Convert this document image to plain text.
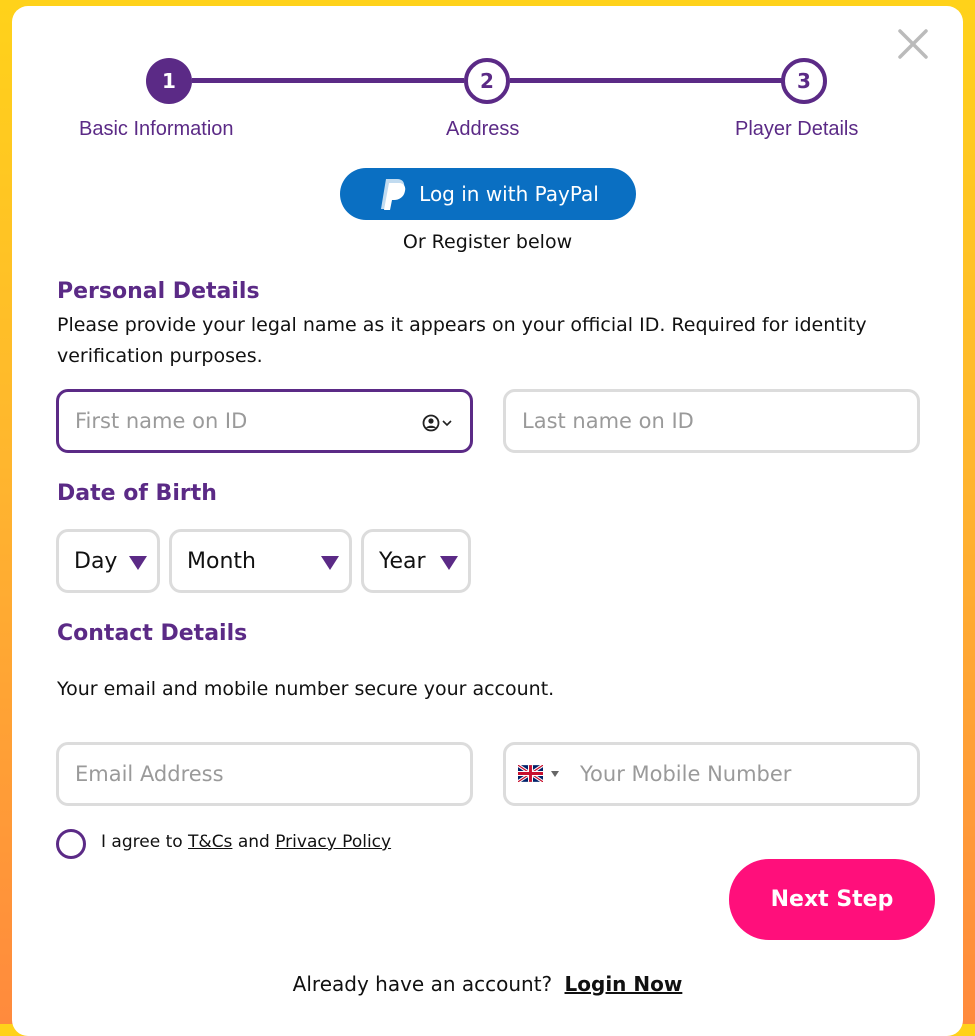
1	2	3
Basic Information	Address	Player Details
Log in with PayPal
Or Register below
Personal Details
Please provide your legal name as it appears on your official ID. Required for identity verification purposes.
First name on ID	Last name on ID
Date of Birth
Day	Month	Year
Contact Details
Your email and mobile number secure your account.
Email Address	Your Mobile Number
I agree to T&Cs and Privacy Policy
Next Step
Already have an account? Login Now
